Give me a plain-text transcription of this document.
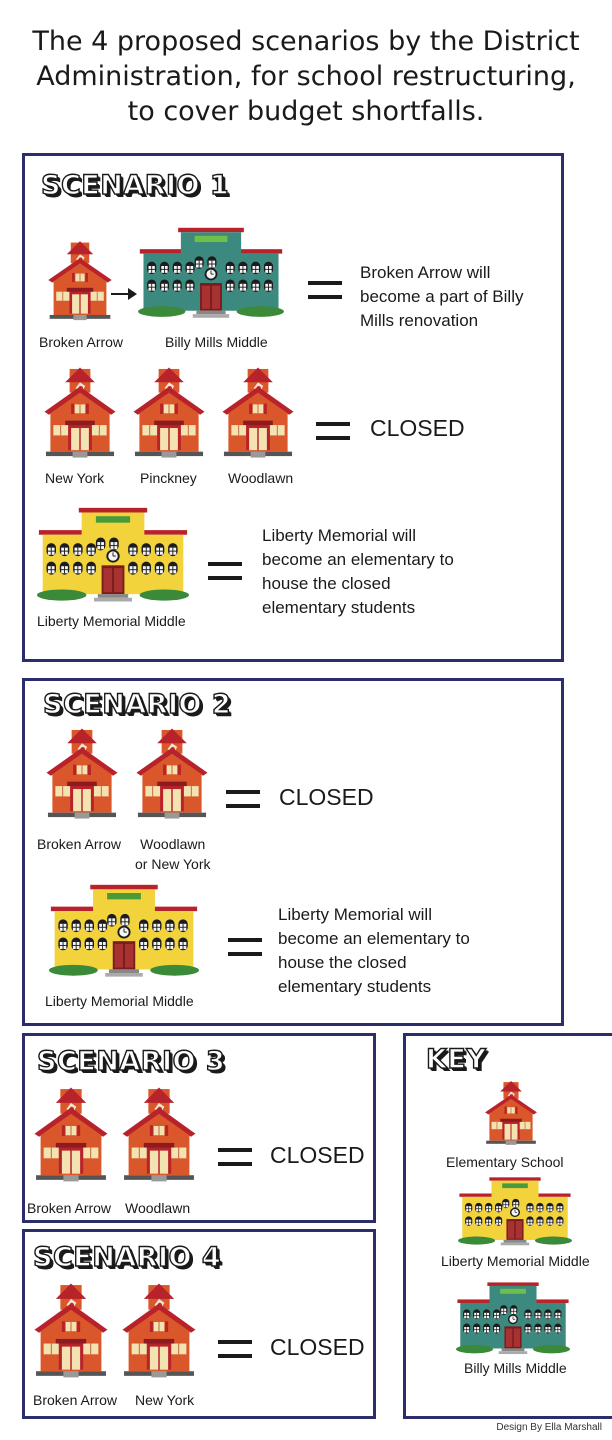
The 4 proposed scenarios by the District
Administration, for school restructuring,
to cover budget shortfalls.
SCENARIO 1
Broken Arrow	Billy Mills Middle
Broken Arrow will
become a part of Billy
Mills renovation
New York	Pinckney Woodlawn
CLOSED
Liberty Memorial Middle
Liberty Memorial will
become an elementary to
house the closed
elementary students
SCENARIO 2
Broken Arrow	Woodlawn
or New York
CLOSED
Liberty Memorial Middle
Liberty Memorial will
become an elementary to
house the closed
elementary students
SCENARIO 3
Broken Arrow Woodlawn
CLOSED
SCENARIO 4
Broken Arrow New York
CLOSED
KEY
Elementary School
Liberty Memorial Middle
Billy Mills Middle
Design By Ella Marshall
